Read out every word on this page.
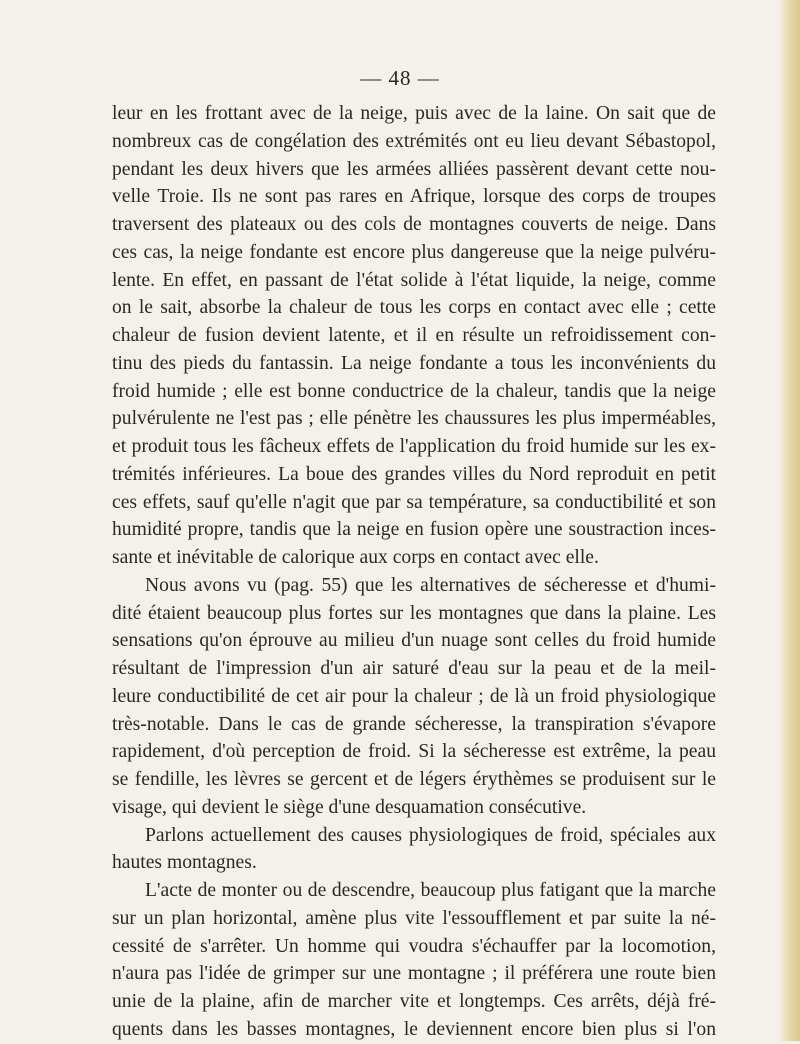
— 48 —

leur en les frottant avec de la neige, puis avec de la laine. On sait que de
nombreux cas de congélation des extrémités ont eu lieu devant Sébastopol,
pendant les deux hivers que les armées alliées passèrent devant cette nou-
velle Troie. Ils ne sont pas rares en Afrique, lorsque des corps de troupes
traversent des plateaux ou des cols de montagnes couverts de neige. Dans
ces cas, la neige fondante est encore plus dangereuse que la neige pulvéru-
lente. En effet, en passant de l'état solide à l'état liquide, la neige, comme
on le sait, absorbe la chaleur de tous les corps en contact avec elle ; cette
chaleur de fusion devient latente, et il en résulte un refroidissement con-
tinu des pieds du fantassin. La neige fondante a tous les inconvénients du
froid humide ; elle est bonne conductrice de la chaleur, tandis que la neige
pulvérulente ne l'est pas ; elle pénètre les chaussures les plus imperméables,
et produit tous les fâcheux effets de l'application du froid humide sur les ex-
trémités inférieures. La boue des grandes villes du Nord reproduit en petit
ces effets, sauf qu'elle n'agit que par sa température, sa conductibilité et son
humidité propre, tandis que la neige en fusion opère une soustraction inces-
sante et inévitable de calorique aux corps en contact avec elle.
Nous avons vu (pag. 55) que les alternatives de sécheresse et d'humi-
dité étaient beaucoup plus fortes sur les montagnes que dans la plaine. Les
sensations qu'on éprouve au milieu d'un nuage sont celles du froid humide
résultant de l'impression d'un air saturé d'eau sur la peau et de la meil-
leure conductibilité de cet air pour la chaleur ; de là un froid physiologique
très-notable. Dans le cas de grande sécheresse, la transpiration s'évapore
rapidement, d'où perception de froid. Si la sécheresse est extrême, la peau
se fendille, les lèvres se gercent et de légers érythèmes se produisent sur le
visage, qui devient le siège d'une desquamation consécutive.
Parlons actuellement des causes physiologiques de froid, spéciales aux
hautes montagnes.
L'acte de monter ou de descendre, beaucoup plus fatigant que la marche
sur un plan horizontal, amène plus vite l'essoufflement et par suite la né-
cessité de s'arrêter. Un homme qui voudra s'échauffer par la locomotion,
n'aura pas l'idée de grimper sur une montagne ; il préférera une route bien
unie de la plaine, afin de marcher vite et longtemps. Ces arrêts, déjà fré-
quents dans les basses montagnes, le deviennent encore bien plus si l'on
